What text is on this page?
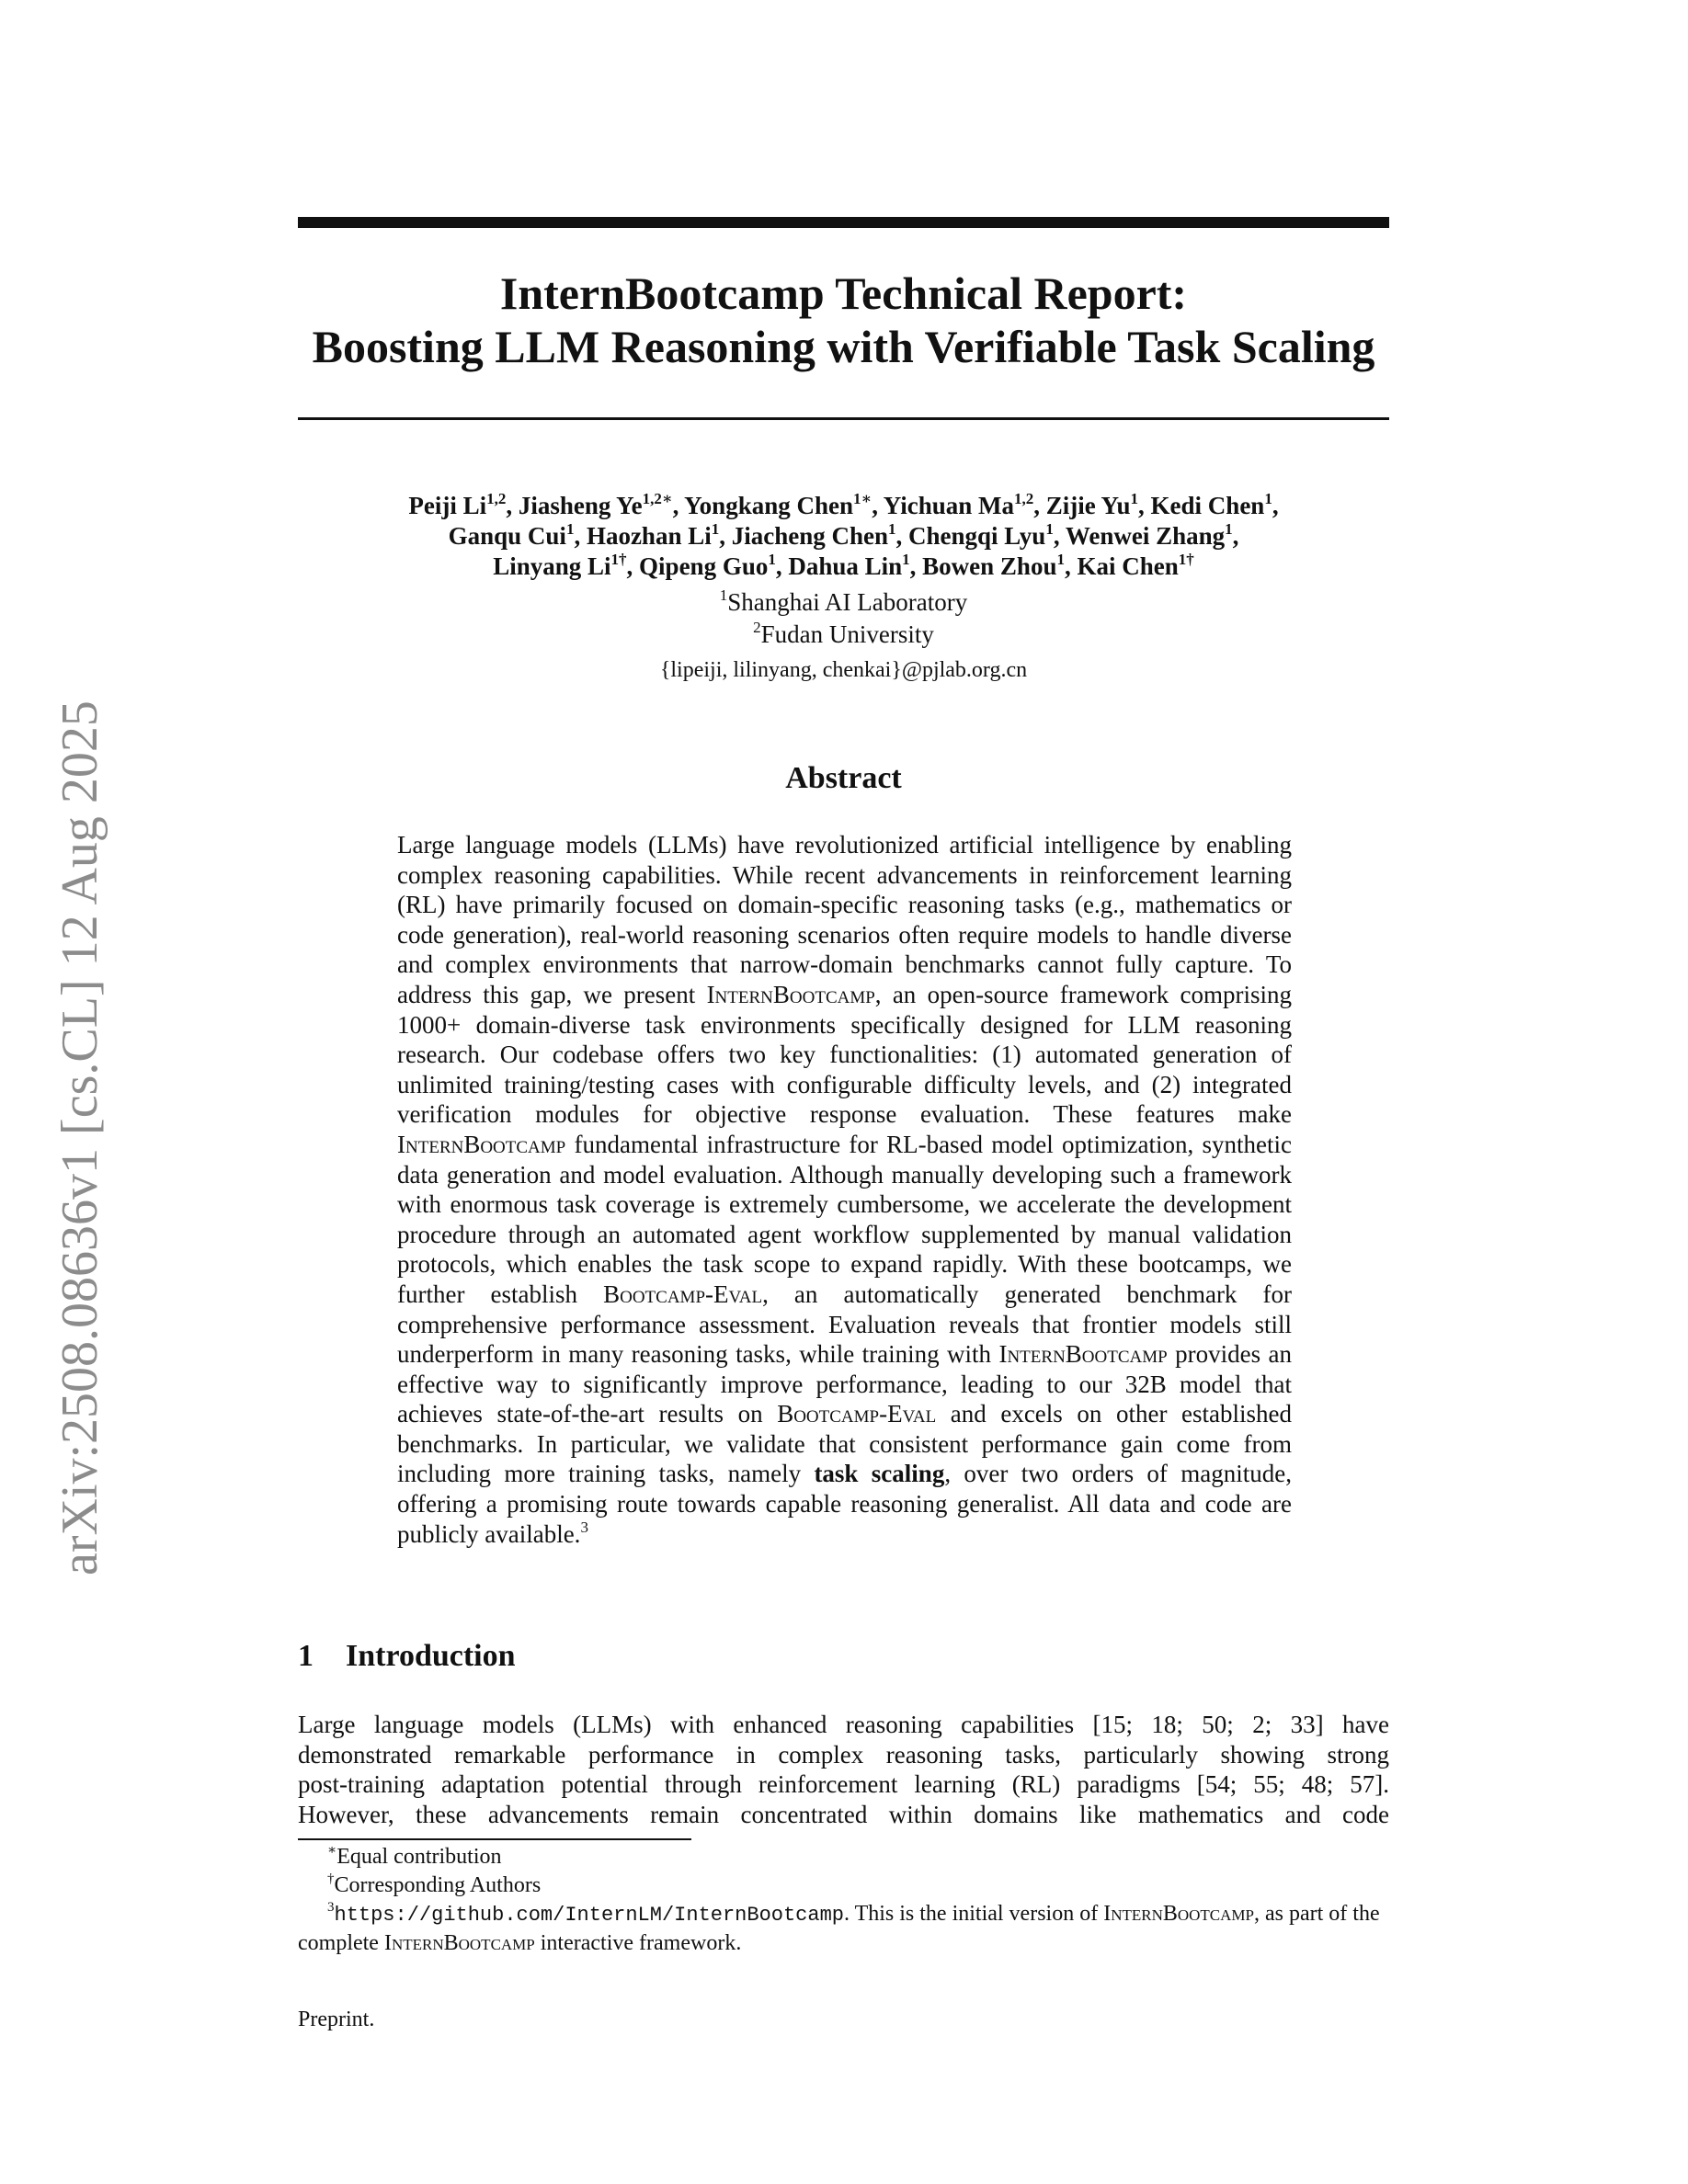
arXiv:2508.08636v1 [cs.CL] 12 Aug 2025
InternBootcamp Technical Report:
Boosting LLM Reasoning with Verifiable Task Scaling
Peiji Li$^{1,2}$, Jiasheng $Ye^{1,2∗}$, Yongkang Chen$^{1∗}$, Yichuan Ma$^{1,2}$, Zijie Yu$^1$, Kedi Chen$^1$,
Ganqu Cui$^1$, Haozhan Li$^1$, Jiacheng Chen$^1$, Chengqi Lyu$^1$, Wenwei Zhang$^1$,
Linyang $Li^{1\dagger}$, Qipeng Guo$^1$, Dahua Lin$^1$, Bowen Zhou$^1$, Kai Chen$^{1\dagger}$
$^1$Shanghai AI Laboratory
$^2$Fudan University
{lipeiji, lilinyang, chenkai}@pjlab.org.cn
Abstract
Large language models (LLMs) have revolutionized artificial intelligence by enabling complex reasoning capabilities. While recent advancements in reinforcement learning (RL) have primarily focused on domain-specific reasoning tasks (e.g., mathematics or code generation), real-world reasoning scenarios often require models to handle diverse and complex environments that narrow-domain benchmarks cannot fully capture. To address this gap, we present InternBootcamp, an open-source framework comprising 1000+ domain-diverse task environments specifically designed for LLM reasoning research. Our codebase offers two key functionalities: (1) automated generation of unlimited training/testing cases with configurable difficulty levels, and (2) integrated verification modules for objective response evaluation. These features make InternBootcamp fundamental infrastructure for RL-based model optimization, synthetic data generation and model evaluation. Although manually developing such a framework with enormous task coverage is extremely cumbersome, we accelerate the development procedure through an automated agent workflow supplemented by manual validation protocols, which enables the task scope to expand rapidly. With these bootcamps, we further establish Bootcamp-Eval, an automatically generated benchmark for comprehensive performance assessment. Evaluation reveals that frontier models still underperform in many reasoning tasks, while training with InternBootcamp provides an effective way to significantly improve performance, leading to our 32B model that achieves state-of-the-art results on Bootcamp-Eval and excels on other established benchmarks. In particular, we validate that consistent performance gain come from including more training tasks, namely task scaling, over two orders of magnitude, offering a promising route towards capable reasoning generalist. All data and code are publicly available.$^3$
1 Introduction
Large language models (LLMs) with enhanced reasoning capabilities [15; 18; 50; 2; 33] have
demonstrated remarkable performance in complex reasoning tasks, particularly showing strong
post-training adaptation potential through reinforcement learning (RL) paradigms [54; 55; 48; 57].
However, these advancements remain concentrated within domains like mathematics and code
∗Equal contribution
†Corresponding Authors
$^3$https://github.com/InternLM/InternBootcamp. This is the initial version of InternBootcamp, as part of the complete InternBootcamp interactive framework.
Preprint.
